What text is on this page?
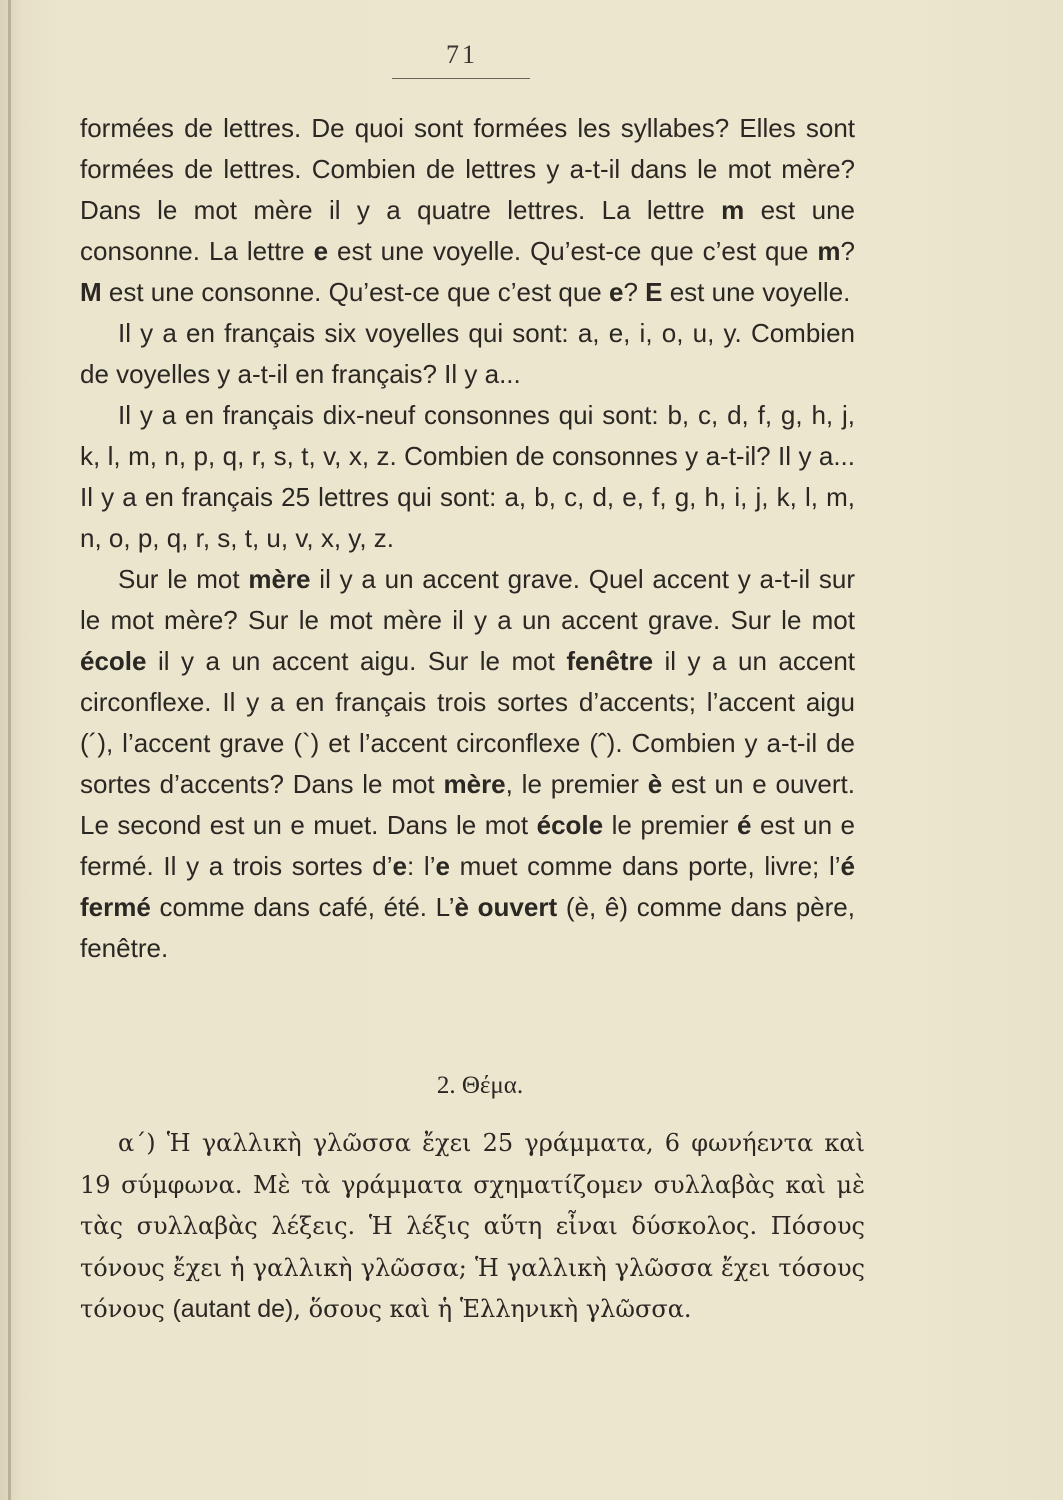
71

formées de lettres. De quoi sont formées les syllabes? Elles sont formées de lettres. Combien de lettres y a-t-il dans le mot mère? Dans le mot mère il y a quatre lettres. La lettre m est une consonne. La lettre e est une voyelle. Qu’est-ce que c’est que m? M est une consonne. Qu’est-ce que c’est que e? E est une voyelle.

Il y a en français six voyelles qui sont: a, e, i, o, u, y. Combien de voyelles y a-t-il en français? Il y a...

Il y a en français dix-neuf consonnes qui sont: b, c, d, f, g, h, j, k, l, m, n, p, q, r, s, t, v, x, z. Combien de consonnes y a-t-il? Il y a... Il y a en français 25 lettres qui sont: a, b, c, d, e, f, g, h, i, j, k, l, m, n, o, p, q, r, s, t, u, v, x, y, z.

Sur le mot mère il y a un accent grave. Quel accent y a-t-il sur le mot mère? Sur le mot mère il y a un accent grave. Sur le mot école il y a un accent aigu. Sur le mot fenêtre il y a un accent circonflexe. Il y a en français trois sortes d’accents; l’accent aigu (´), l’accent grave (`) et l’accent circonflexe (ˆ). Combien y a-t-il de sortes d’accents? Dans le mot mère, le premier è est un e ouvert. Le second est un e muet. Dans le mot école le premier é est un e fermé. Il y a trois sortes d’e: l’e muet comme dans porte, livre; l’é fermé comme dans café, été. L’è ouvert (è, ê) comme dans père, fenêtre.

2. Θέμα.

α΄) Ἡ γαλλικὴ γλῶσσα ἔχει 25 γράμματα, 6 φωνήεντα καὶ 19 σύμφωνα. Μὲ τὰ γράμματα σχηματίζομεν συλλαβὰς καὶ μὲ τὰς συλλαβὰς λέξεις. Ἡ λέξις αὕτη εἶναι δύσκολος. Πόσους τόνους ἔχει ἡ γαλλικὴ γλῶσσα; Ἡ γαλλικὴ γλῶσσα ἔχει τόσους τόνους (autant de), ὅσους καὶ ἡ Ἑλληνικὴ γλῶσσα.
